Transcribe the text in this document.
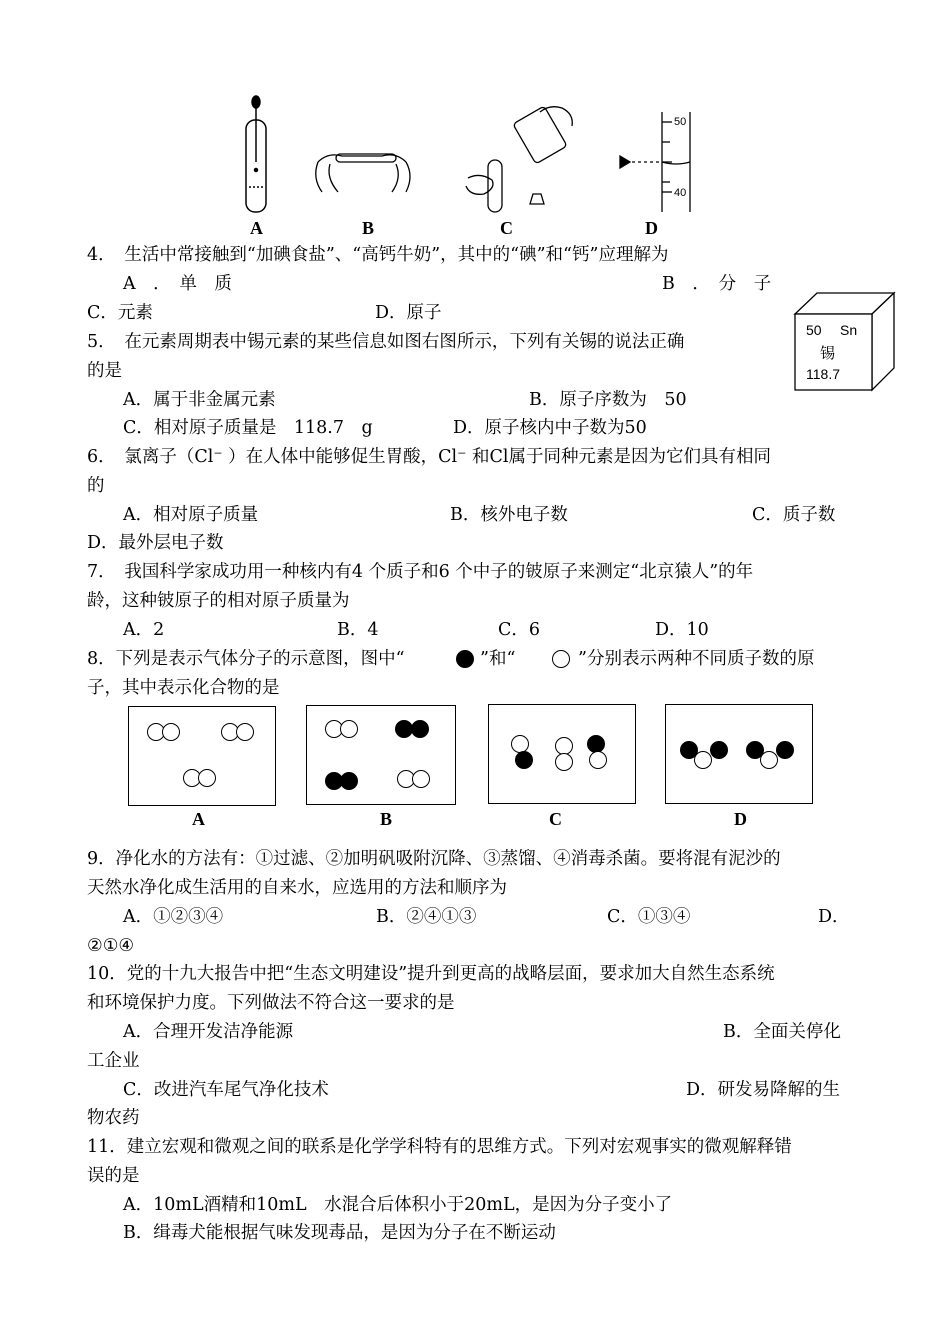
50
40
A	B	C	D
4．　生活中常接触到“加碘食盐”、“高钙牛奶”，其中的“碘”和“钙”应理解为
A　．　单　质	B　．　分　子
C．元素	D．原子
50 Sn
锡
118.7
5．　在元素周期表中锡元素的某些信息如图右图所示，下列有关锡的说法正确
的是
A．属于非金属元素	B．原子序数为　50
C．相对原子质量是　118.7　g	D．原子核内中子数为50
6．　氯离子（Cl⁻ ）在人体中能够促生胃酸，Cl⁻ 和Cl属于同种元素是因为它们具有相同
的
A．相对原子质量	B．核外电子数	C．质子数
D．最外层电子数
7．　我国科学家成功用一种核内有4 个质子和6 个中子的铍原子来测定“北京猿人”的年
龄，这种铍原子的相对原子质量为
A．2	B．4	C．6	D．10
8．下列是表示气体分子的示意图，图中“	”和“	”分别表示两种不同质子数的原
子，其中表示化合物的是
A	B	C	D
9．净化水的方法有：①过滤、②加明矾吸附沉降、③蒸馏、④消毒杀菌。要将混有泥沙的
天然水净化成生活用的自来水，应选用的方法和顺序为
A．①②③④	B．②④①③	C．①③④	D．
②①④
10．党的十九大报告中把“生态文明建设”提升到更高的战略层面，要求加大自然生态系统
和环境保护力度。下列做法不符合这一要求的是
A．合理开发洁净能源	B．全面关停化
工企业
C．改进汽车尾气净化技术	D．研发易降解的生
物农药
11．建立宏观和微观之间的联系是化学学科特有的思维方式。下列对宏观事实的微观解释错
误的是
A．10mL酒精和10mL　水混合后体积小于20mL，是因为分子变小了
B．缉毒犬能根据气味发现毒品，是因为分子在不断运动
